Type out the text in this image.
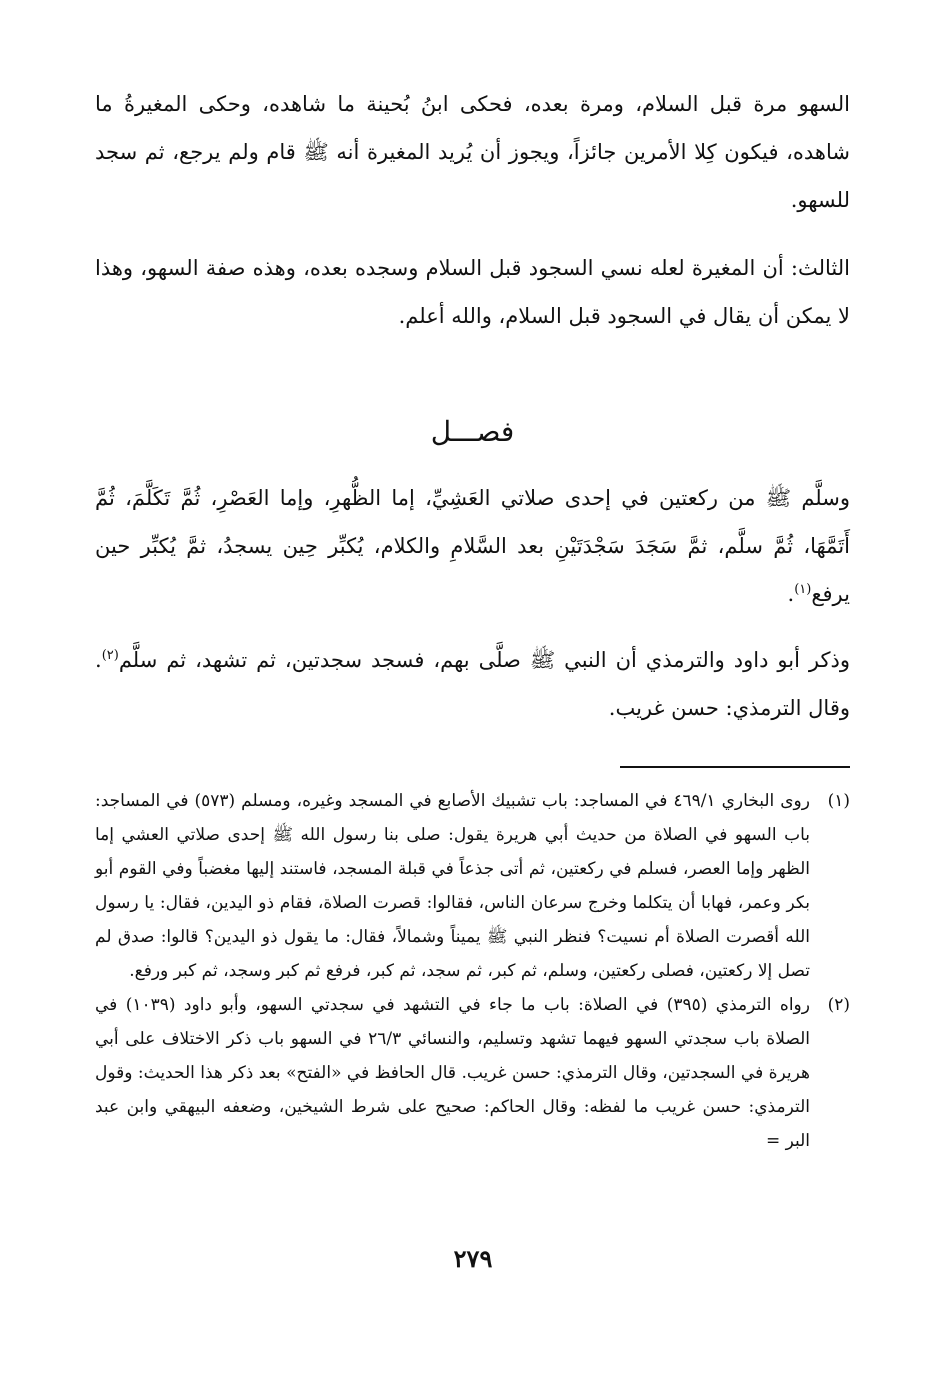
السهو مرة قبل السلام، ومرة بعده، فحكى ابنُ بُحينة ما شاهده، وحكى المغيرةُ ما شاهده، فيكون كِلا الأمرين جائزاً، ويجوز أن يُريد المغيرة أنه ﷺ قام ولم يرجع، ثم سجد للسهو.

الثالث: أن المغيرة لعله نسي السجود قبل السلام وسجده بعده، وهذه صفة السهو، وهذا لا يمكن أن يقال في السجود قبل السلام، والله أعلم.

فصـــل

وسلَّم ﷺ من ركعتين في إحدى صلاتي العَشِيِّ، إما الظُّهرِ، وإما العَصْرِ، ثُمَّ تَكَلَّمَ، ثُمَّ أَتَمَّهَا، ثُمَّ سلَّم، ثمَّ سَجَدَ سَجْدَتَيْنِ بعد السَّلامِ والكلام، يُكبِّر حِين يسجدُ، ثمَّ يُكبِّر حين يرفع$^{(١)}$.

وذكر أبو داود والترمذي أن النبي ﷺ صلَّى بهم، فسجد سجدتين، ثم تشهد، ثم سلَّم$^{(٢)}$. وقال الترمذي: حسن غريب.

(١)
روى البخاري ٤٦٩/١ في المساجد: باب تشبيك الأصابع في المسجد وغيره، ومسلم (٥٧٣) في المساجد: باب السهو في الصلاة من حديث أبي هريرة يقول: صلى بنا رسول الله ﷺ إحدى صلاتي العشي إما الظهر وإما العصر، فسلم في ركعتين، ثم أتى جذعاً في قبلة المسجد، فاستند إليها مغضباً وفي القوم أبو بكر وعمر، فهابا أن يتكلما وخرج سرعان الناس، فقالوا: قصرت الصلاة، فقام ذو اليدين، فقال: يا رسول الله أقصرت الصلاة أم نسيت؟ فنظر النبي ﷺ يميناً وشمالاً، فقال: ما يقول ذو اليدين؟ قالوا: صدق لم تصل إلا ركعتين، فصلى ركعتين، وسلم، ثم كبر، ثم سجد، ثم كبر، فرفع ثم كبر وسجد، ثم كبر ورفع.
(٢)
رواه الترمذي (٣٩٥) في الصلاة: باب ما جاء في التشهد في سجدتي السهو، وأبو داود (١٠٣٩) في الصلاة باب سجدتي السهو فيهما تشهد وتسليم، والنسائي ٢٦/٣ في السهو باب ذكر الاختلاف على أبي هريرة في السجدتين، وقال الترمذي: حسن غريب. قال الحافظ في «الفتح» بعد ذكر هذا الحديث: وقول الترمذي: حسن غريب ما لفظه: وقال الحاكم: صحيح على شرط الشيخين، وضعفه البيهقي وابن عبد البر =
٢٧٩
